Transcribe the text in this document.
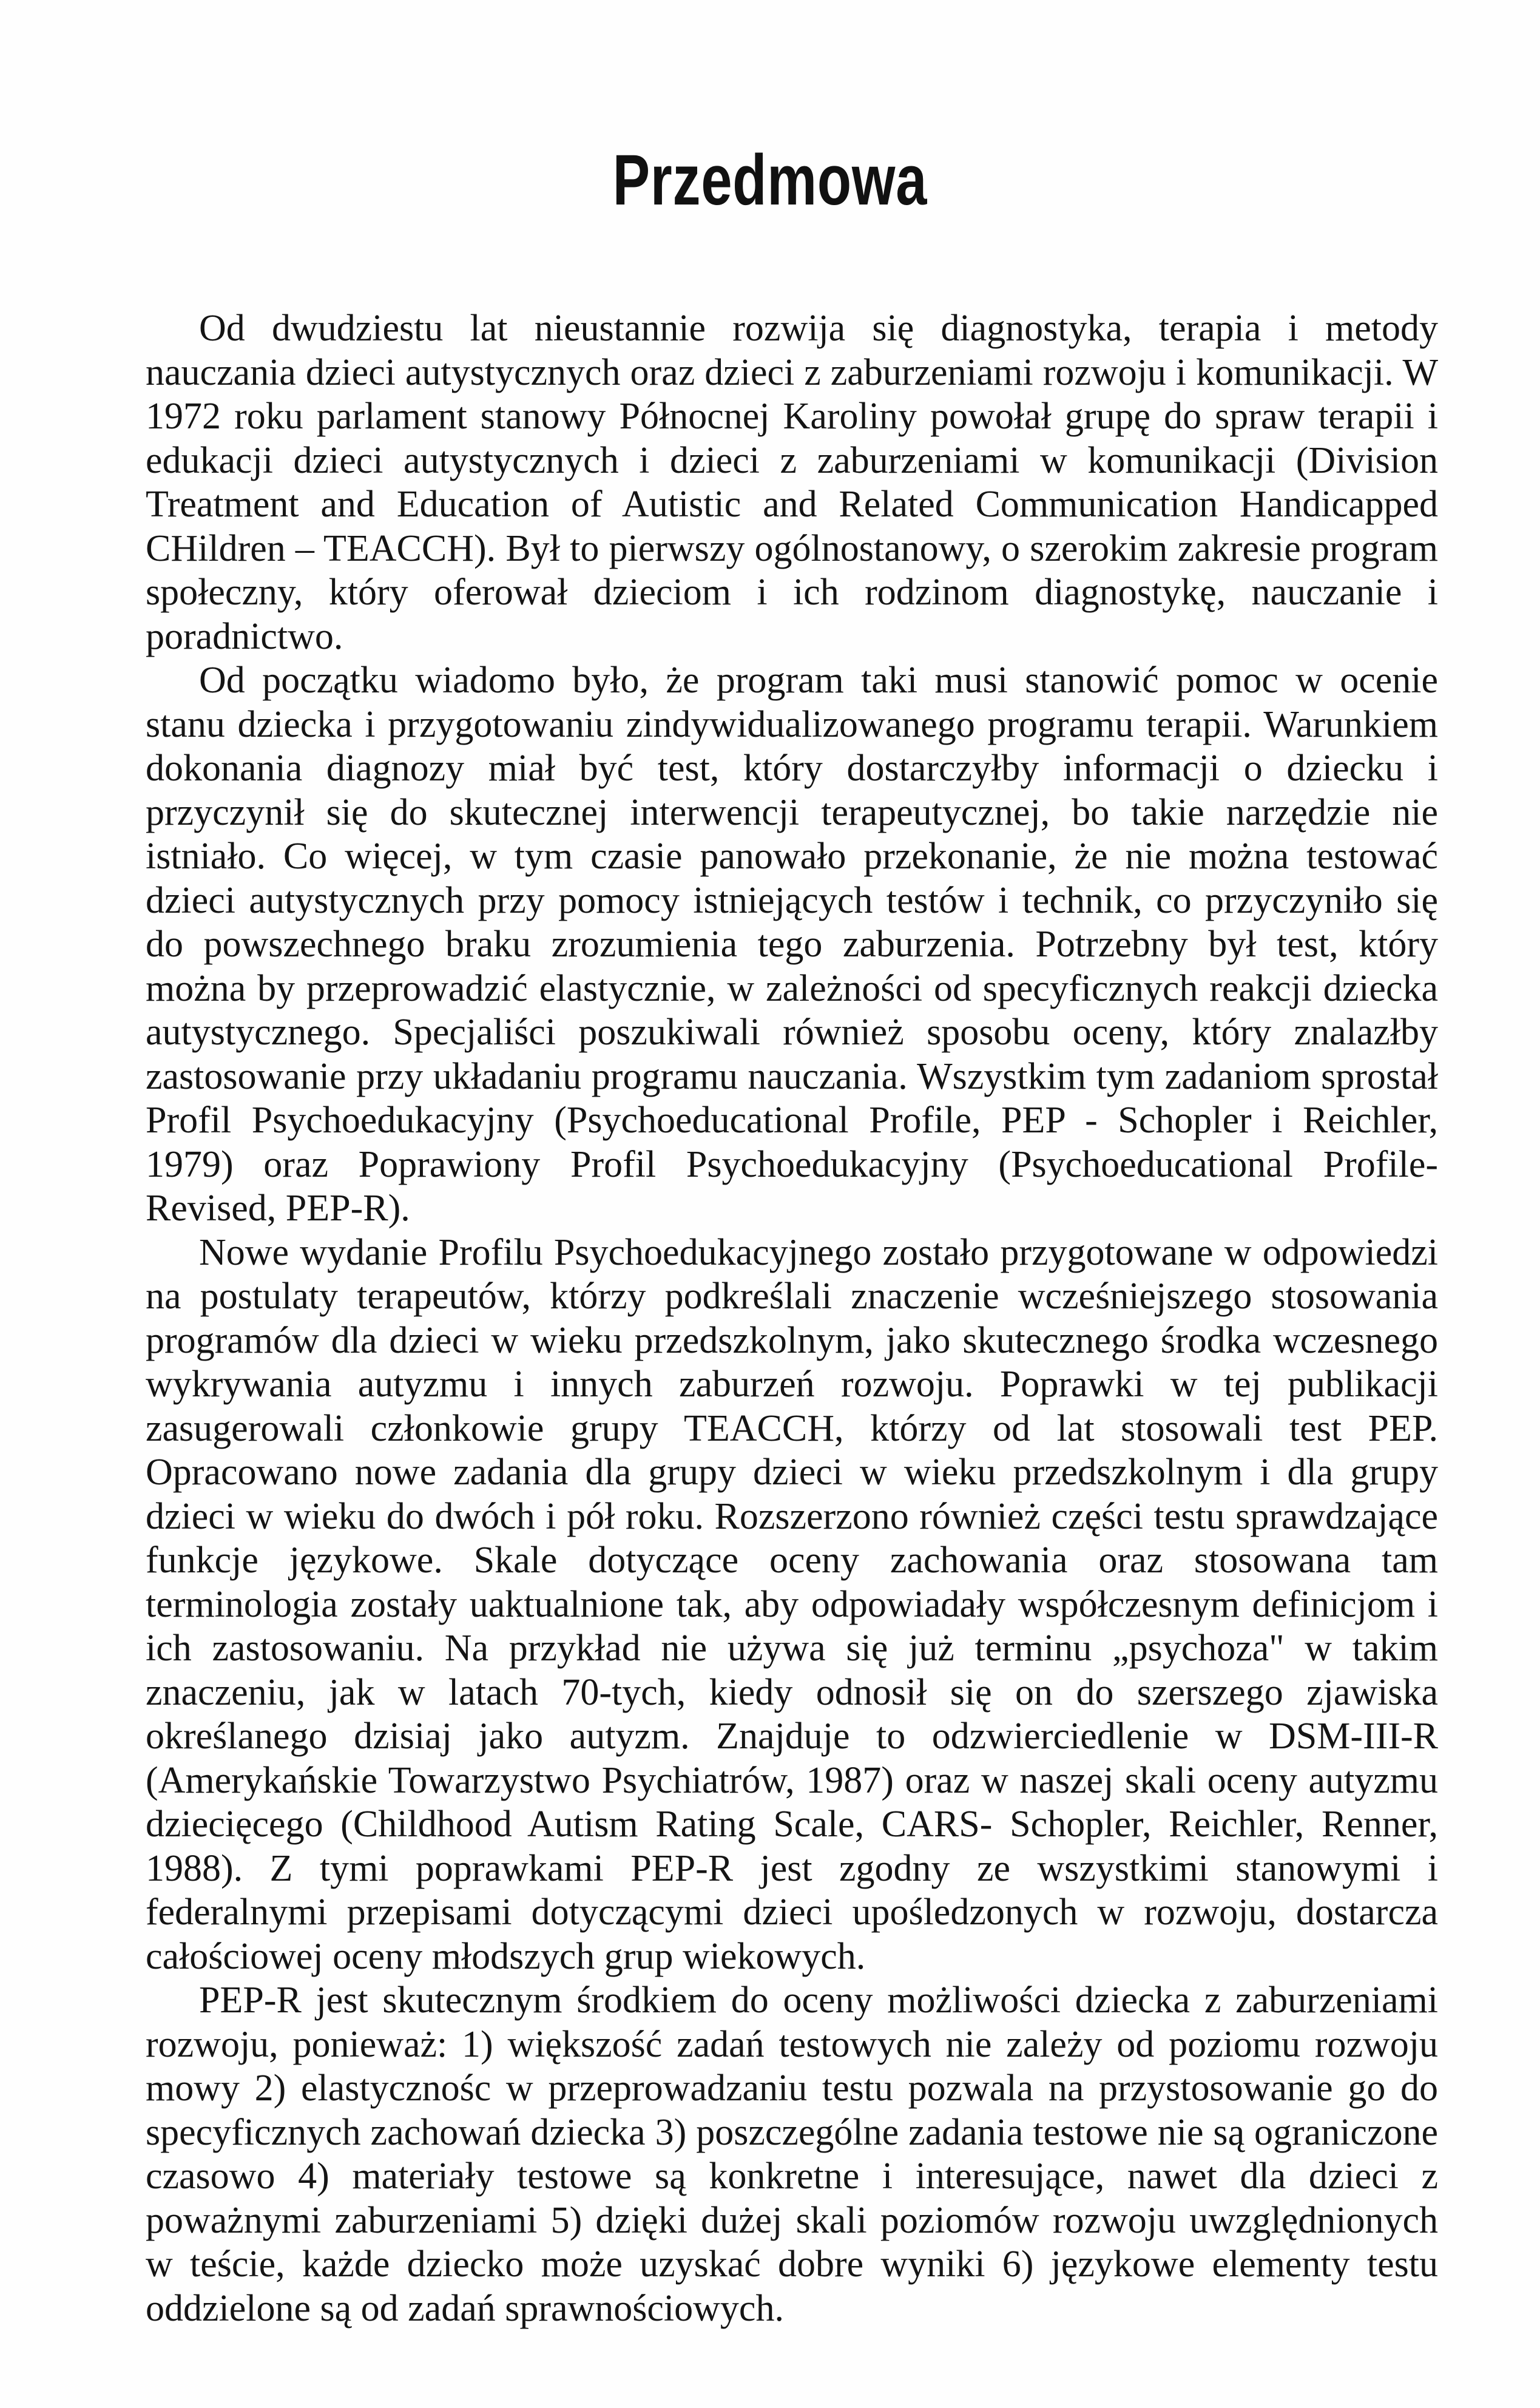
Przedmowa

Od dwudziestu lat nieustannie rozwija się diagnostyka, terapia i metody nauczania dzieci autystycznych oraz dzieci z zaburzeniami rozwoju i komunikacji. W 1972 roku parlament stanowy Północnej Karoliny powołał grupę do spraw terapii i edukacji dzieci autystycznych i dzieci z zaburzeniami w komunikacji (Division Treatment and Education of Autistic and Related Communication Handicapped CHildren – TEACCH). Był to pierwszy ogólnostanowy, o szerokim zakresie program społeczny, który oferował dzieciom i ich rodzinom diagnostykę, nauczanie i poradnictwo.

Od początku wiadomo było, że program taki musi stanowić pomoc w ocenie stanu dziecka i przygotowaniu zindywidualizowanego programu terapii. Warunkiem dokonania diagnozy miał być test, który dostarczyłby informacji o dziecku i przyczynił się do skutecznej interwencji terapeutycznej, bo takie narzędzie nie istniało. Co więcej, w tym czasie panowało przekonanie, że nie można testować dzieci autystycznych przy pomocy istniejących testów i technik, co przyczyniło się do powszechnego braku zrozumienia tego zaburzenia. Potrzebny był test, który można by przeprowadzić elastycznie, w zależności od specyficznych reakcji dziecka autystycznego. Specjaliści poszukiwali również sposobu oceny, który znalazłby zastosowanie przy układaniu programu nauczania. Wszystkim tym zadaniom sprostał Profil Psychoedukacyjny (Psychoeducational Profile, PEP - Schopler i Reichler, 1979) oraz Poprawiony Profil Psychoedukacyjny (Psychoeducational Profile-Revised, PEP-R).

Nowe wydanie Profilu Psychoedukacyjnego zostało przygotowane w odpowiedzi na postulaty terapeutów, którzy podkreślali znaczenie wcześniejszego stosowania programów dla dzieci w wieku przedszkolnym, jako skutecznego środka wczesnego wykrywania autyzmu i innych zaburzeń rozwoju. Poprawki w tej publikacji zasugerowali członkowie grupy TEACCH, którzy od lat stosowali test PEP. Opracowano nowe zadania dla grupy dzieci w wieku przedszkolnym i dla grupy dzieci w wieku do dwóch i pół roku. Rozszerzono również części testu sprawdzające funkcje językowe. Skale dotyczące oceny zachowania oraz stosowana tam terminologia zostały uaktualnione tak, aby odpowiadały współczesnym definicjom i ich zastosowaniu. Na przykład nie używa się już terminu „psychoza" w takim znaczeniu, jak w latach 70-tych, kiedy odnosił się on do szerszego zjawiska określanego dzisiaj jako autyzm. Znajduje to odzwierciedlenie w DSM-III-R (Amerykańskie Towarzystwo Psychiatrów, 1987) oraz w naszej skali oceny autyzmu dziecięcego (Childhood Autism Rating Scale, CARS- Schopler, Reichler, Renner, 1988). Z tymi poprawkami PEP-R jest zgodny ze wszystkimi stanowymi i federalnymi przepisami dotyczącymi dzieci upośledzonych w rozwoju, dostarcza całościowej oceny młodszych grup wiekowych.

PEP-R jest skutecznym środkiem do oceny możliwości dziecka z zaburzeniami rozwoju, ponieważ: 1) większość zadań testowych nie zależy od poziomu rozwoju mowy 2) elastycznośc w przeprowadzaniu testu pozwala na przystosowanie go do specyficznych zachowań dziecka 3) poszczególne zadania testowe nie są ograniczone czasowo 4) materiały testowe są konkretne i interesujące, nawet dla dzieci z poważnymi zaburzeniami 5) dzięki dużej skali poziomów rozwoju uwzględnionych w teście, każde dziecko może uzyskać dobre wyniki 6) językowe elementy testu oddzielone są od zadań sprawnościowych.
